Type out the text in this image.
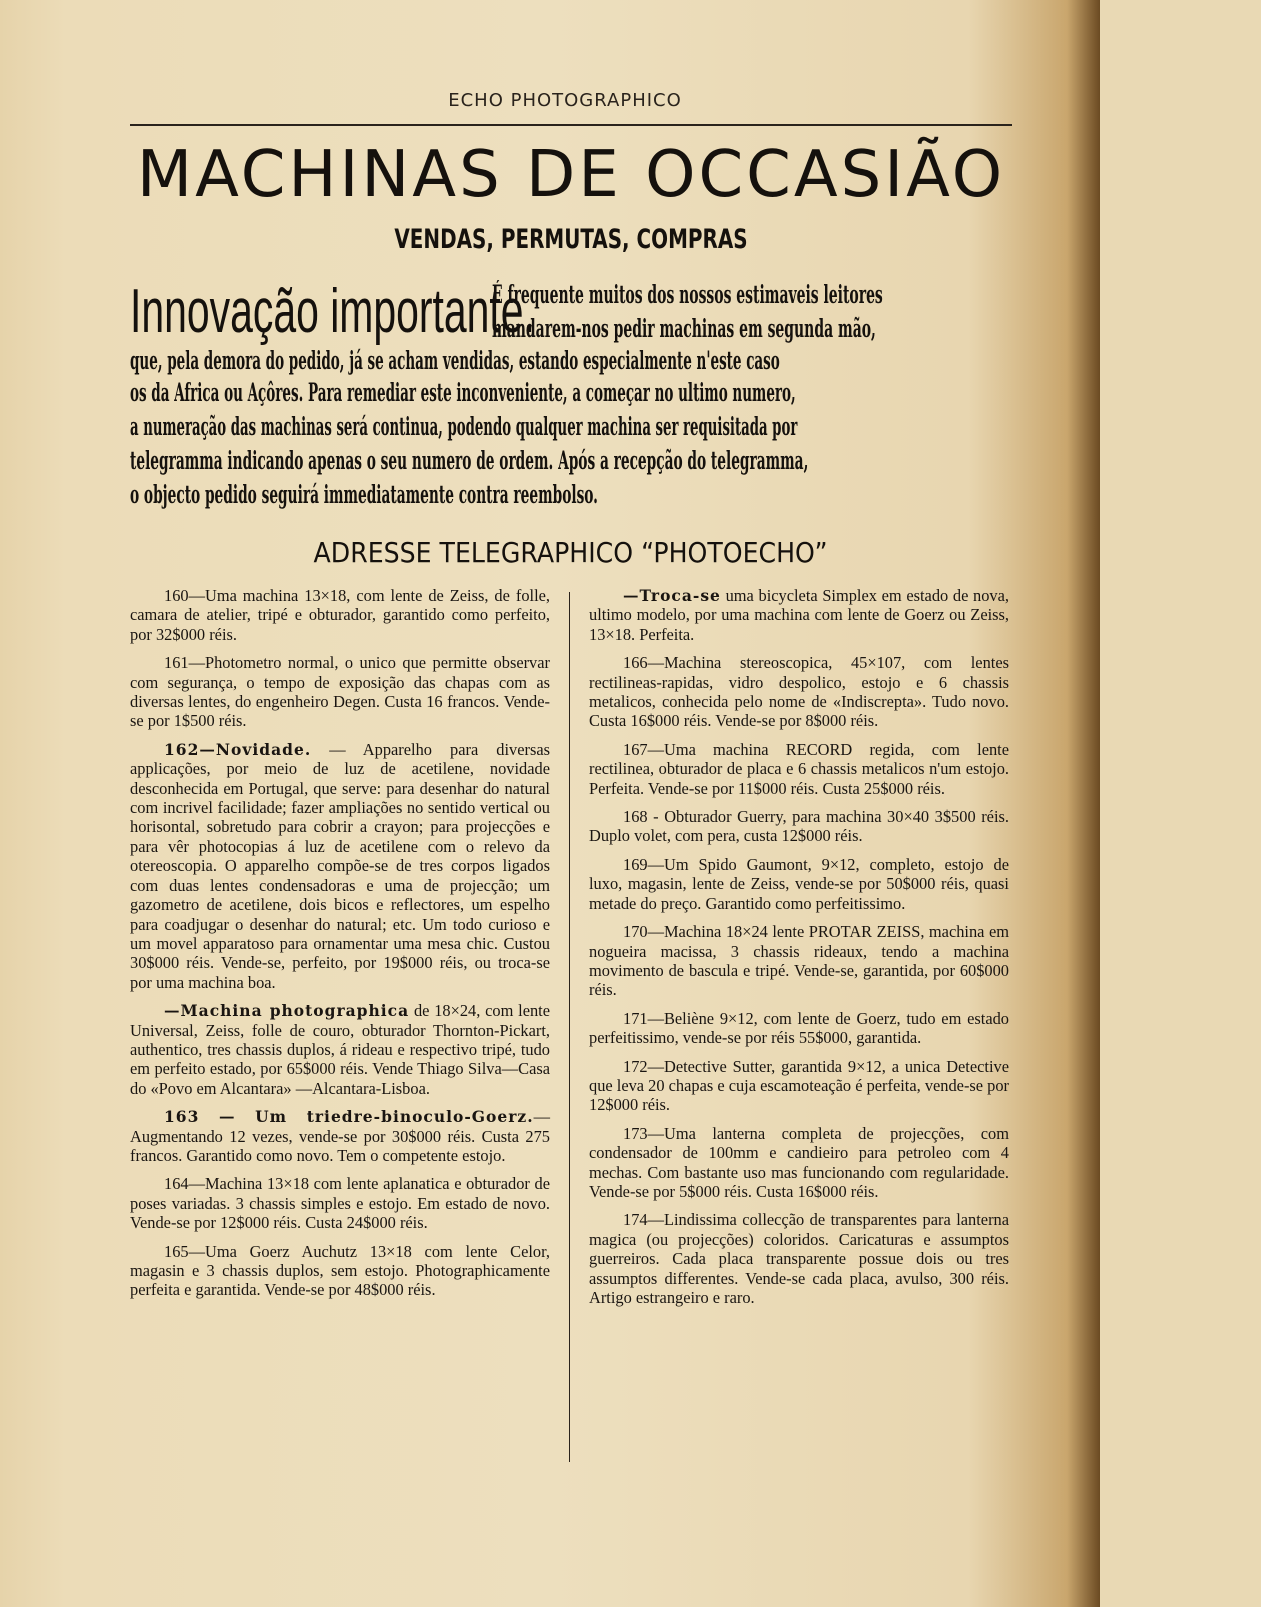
ECHO PHOTOGRAPHICO
MACHINAS DE OCCASIÃO
VENDAS, PERMUTAS, COMPRAS
Innovação importante.
É frequente muitos dos nossos estimaveis leitores
mandarem-nos pedir machinas em segunda mão,
que, pela demora do pedido, já se acham vendidas, estando especialmente n'este caso
os da Africa ou Açôres. Para remediar este inconveniente, a começar no ultimo numero,
a numeração das machinas será continua, podendo qualquer machina ser requisitada por
telegramma indicando apenas o seu numero de ordem. Após a recepção do telegramma,
o objecto pedido seguirá immediatamente contra reembolso.
ADRESSE TELEGRAPHICO “PHOTOECHO”

160—Uma machina 13×18, com lente de Zeiss, de folle, camara de atelier, tripé e obturador, garantido como perfeito, por 32$000 réis.

161—Photometro normal, o unico que permitte observar com segurança, o tempo de exposição das chapas com as diversas lentes, do engenheiro Degen. Custa 16 francos. Vende-se por 1$500 réis.

162—Novidade. — Apparelho para diversas applicações, por meio de luz de acetilene, novidade desconhecida em Portugal, que serve: para desenhar do natural com incrivel facilidade; fazer ampliações no sentido vertical ou horisontal, sobretudo para cobrir a crayon; para projecções e para vêr photocopias á luz de acetilene com o relevo da otereoscopia. O apparelho compõe-se de tres corpos ligados com duas lentes condensadoras e uma de projecção; um gazometro de acetilene, dois bicos e reflectores, um espelho para coadjugar o desenhar do natural; etc. Um todo curioso e um movel apparatoso para ornamentar uma mesa chic. Custou 30$000 réis. Vende-se, perfeito, por 19$000 réis, ou troca-se por uma machina boa.

—Machina photographica de 18×24, com lente Universal, Zeiss, folle de couro, obturador Thornton-Pickart, authentico, tres chassis duplos, á rideau e respectivo tripé, tudo em perfeito estado, por 65$000 réis. Vende Thiago Silva—Casa do «Povo em Alcantara» —Alcantara-Lisboa.

163 — Um triedre-binoculo-Goerz.—Augmentando 12 vezes, vende-se por 30$000 réis. Custa 275 francos. Garantido como novo. Tem o competente estojo.

164—Machina 13×18 com lente aplanatica e obturador de poses variadas. 3 chassis simples e estojo. Em estado de novo. Vende-se por 12$000 réis. Custa 24$000 réis.

165—Uma Goerz Auchutz 13×18 com lente Celor, magasin e 3 chassis duplos, sem estojo. Photographicamente perfeita e garantida. Vende-se por 48$000 réis.

—Troca-se uma bicycleta Simplex em estado de nova, ultimo modelo, por uma machina com lente de Goerz ou Zeiss, 13×18. Perfeita.

166—Machina stereoscopica, 45×107, com lentes rectilineas-rapidas, vidro despolico, estojo e 6 chassis metalicos, conhecida pelo nome de «Indiscrepta». Tudo novo. Custa 16$000 réis. Vende-se por 8$000 réis.

167—Uma machina RECORD regida, com lente rectilinea, obturador de placa e 6 chassis metalicos n'um estojo. Perfeita. Vende-se por 11$000 réis. Custa 25$000 réis.

168 - Obturador Guerry, para machina 30×40 3$500 réis. Duplo volet, com pera, custa 12$000 réis.

169—Um Spido Gaumont, 9×12, completo, estojo de luxo, magasin, lente de Zeiss, vende-se por 50$000 réis, quasi metade do preço. Garantido como perfeitissimo.

170—Machina 18×24 lente PROTAR ZEISS, machina em nogueira macissa, 3 chassis rideaux, tendo a machina movimento de bascula e tripé. Vende-se, garantida, por 60$000 réis.

171—Beliène 9×12, com lente de Goerz, tudo em estado perfeitissimo, vende-se por réis 55$000, garantida.

172—Detective Sutter, garantida 9×12, a unica Detective que leva 20 chapas e cuja escamoteação é perfeita, vende-se por 12$000 réis.

173—Uma lanterna completa de projecções, com condensador de 100mm e candieiro para petroleo com 4 mechas. Com bastante uso mas funcionando com regularidade. Vende-se por 5$000 réis. Custa 16$000 réis.

174—Lindissima collecção de transparentes para lanterna magica (ou projecções) coloridos. Caricaturas e assumptos guerreiros. Cada placa transparente possue dois ou tres assumptos differentes. Vende-se cada placa, avulso, 300 réis. Artigo estrangeiro e raro.
